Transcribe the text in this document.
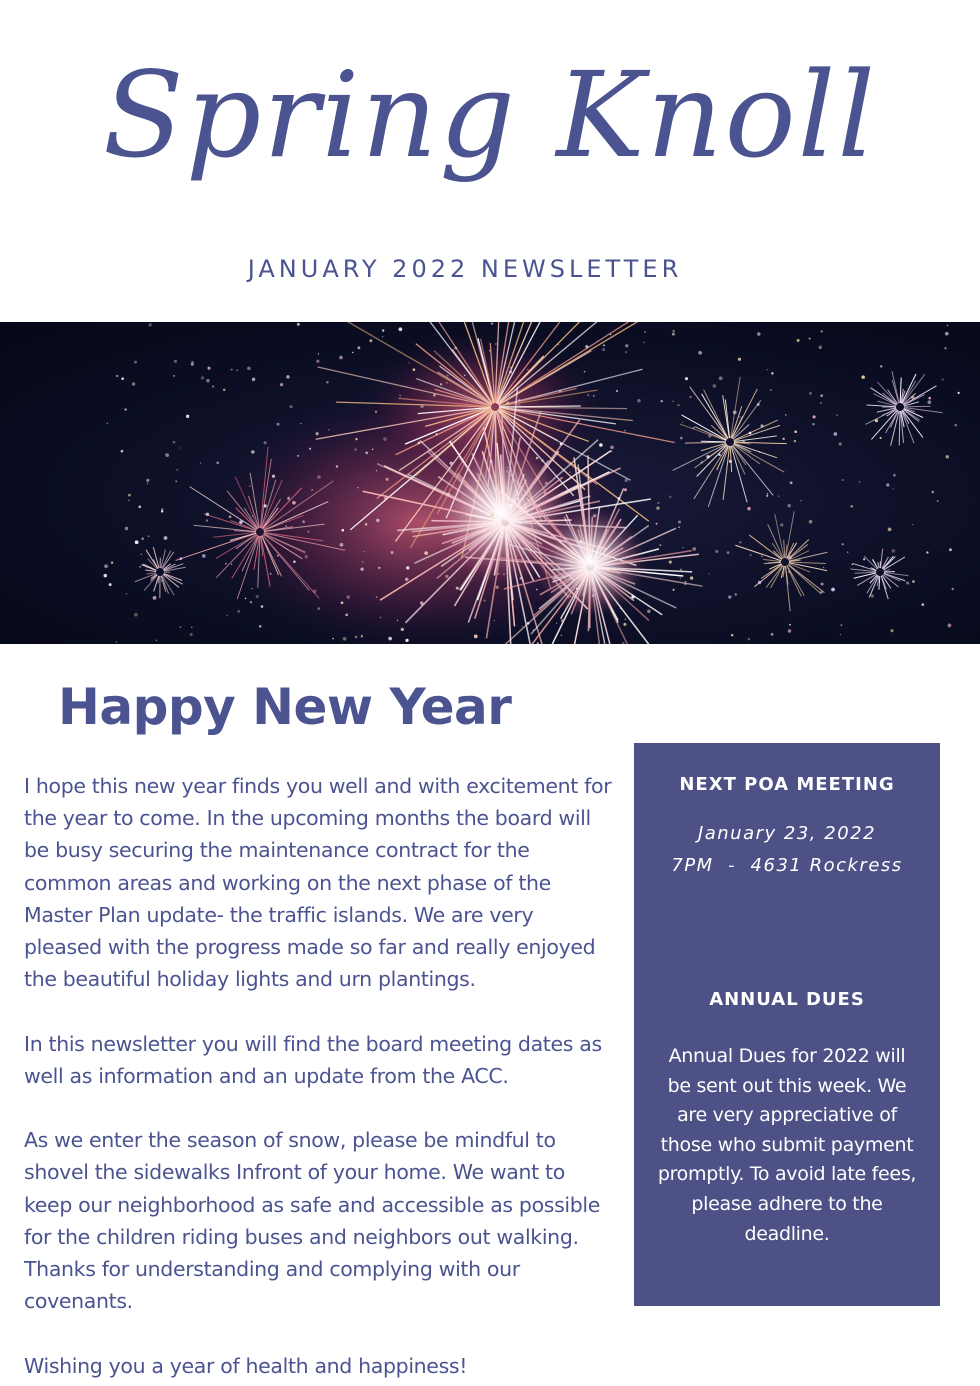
Spring Knoll
JANUARY 2022 NEWSLETTER
Happy New Year

I hope this new year finds you well and with excitement for the year to come. In the upcoming months the board will be busy securing the maintenance contract for the common areas and working on the next phase of the Master Plan update- the traffic islands. We are very pleased with the progress made so far and really enjoyed the beautiful holiday lights and urn plantings.

In this newsletter you will find the board meeting dates as well as information and an update from the ACC.

As we enter the season of snow, please be mindful to shovel the sidewalks Infront of your home. We want to keep our neighborhood as safe and accessible as possible for the children riding buses and neighbors out walking. Thanks for understanding and complying with our covenants.

Wishing you a year of health and happiness!

NEXT POA MEETING
January 23, 2022
7PM  -  4631 Rockress
ANNUAL DUES
Annual Dues for 2022 will be sent out this week. We are very appreciative of those who submit payment promptly. To avoid late fees, please adhere to the deadline.
